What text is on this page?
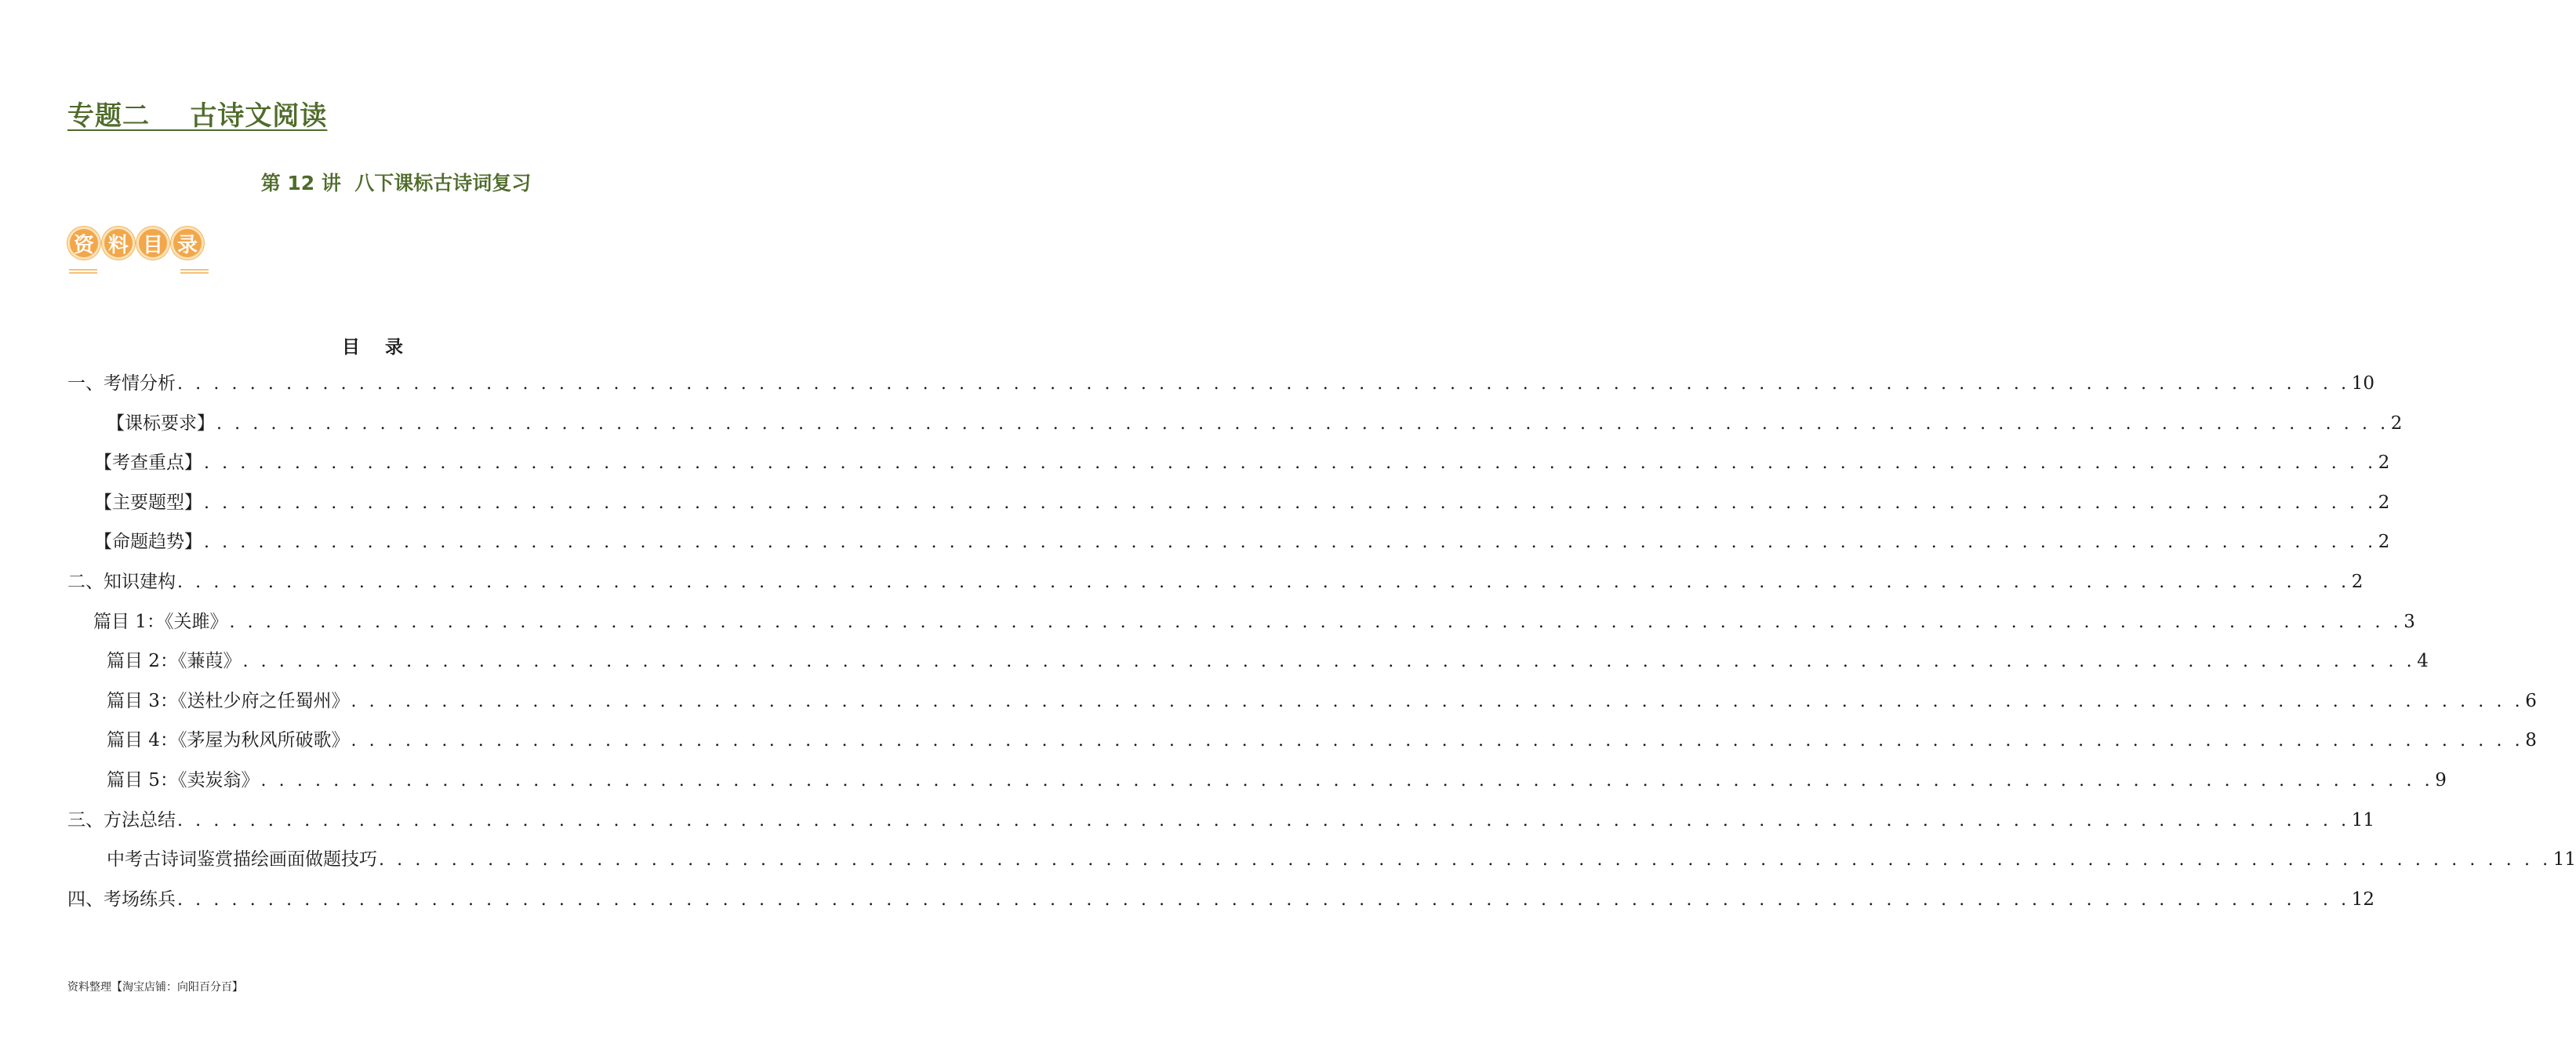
专题二    古诗文阅读
第 12 讲  八下课标古诗词复习
资 料 目 录
目    录
一、考情分析 . . . . . . . . . . . . . . . . . . . . . . . . . . . . . . . . . . . . . . . . . . . . . . . . . . . . . . . . . . . . . . . . . . . . . . . . . . . . . . . . . . . . . . . . . . . . . . . . . . . . . . . . . . . . . . . . . . . . . . . . 10
【课标要求】 . . . . . . . . . . . . . . . . . . . . . . . . . . . . . . . . . . . . . . . . . . . . . . . . . . . . . . . . . . . . . . . . . . . . . . . . . . . . . . . . . . . . . . . . . . . . . . . . . . . . . . . . . . . . . . . . . . . . . . . . 2
【考查重点】 . . . . . . . . . . . . . . . . . . . . . . . . . . . . . . . . . . . . . . . . . . . . . . . . . . . . . . . . . . . . . . . . . . . . . . . . . . . . . . . . . . . . . . . . . . . . . . . . . . . . . . . . . . . . . . . . . . . . . . . . 2
【主要题型】 . . . . . . . . . . . . . . . . . . . . . . . . . . . . . . . . . . . . . . . . . . . . . . . . . . . . . . . . . . . . . . . . . . . . . . . . . . . . . . . . . . . . . . . . . . . . . . . . . . . . . . . . . . . . . . . . . . . . . . . . 2
【命题趋势】 . . . . . . . . . . . . . . . . . . . . . . . . . . . . . . . . . . . . . . . . . . . . . . . . . . . . . . . . . . . . . . . . . . . . . . . . . . . . . . . . . . . . . . . . . . . . . . . . . . . . . . . . . . . . . . . . . . . . . . . . 2
二、知识建构 . . . . . . . . . . . . . . . . . . . . . . . . . . . . . . . . . . . . . . . . . . . . . . . . . . . . . . . . . . . . . . . . . . . . . . . . . . . . . . . . . . . . . . . . . . . . . . . . . . . . . . . . . . . . . . . . . . . . . . . . 2
篇目 1：《关雎》 . . . . . . . . . . . . . . . . . . . . . . . . . . . . . . . . . . . . . . . . . . . . . . . . . . . . . . . . . . . . . . . . . . . . . . . . . . . . . . . . . . . . . . . . . . . . . . . . . . . . . . . . . . . . . . . . . . . . . . . . 3
篇目 2：《蒹葭》 . . . . . . . . . . . . . . . . . . . . . . . . . . . . . . . . . . . . . . . . . . . . . . . . . . . . . . . . . . . . . . . . . . . . . . . . . . . . . . . . . . . . . . . . . . . . . . . . . . . . . . . . . . . . . . . . . . . . . . . . 4
篇目 3：《送杜少府之任蜀州》 . . . . . . . . . . . . . . . . . . . . . . . . . . . . . . . . . . . . . . . . . . . . . . . . . . . . . . . . . . . . . . . . . . . . . . . . . . . . . . . . . . . . . . . . . . . . . . . . . . . . . . . . . . . . . . . . . . . . . . . . 6
篇目 4：《茅屋为秋风所破歌》 . . . . . . . . . . . . . . . . . . . . . . . . . . . . . . . . . . . . . . . . . . . . . . . . . . . . . . . . . . . . . . . . . . . . . . . . . . . . . . . . . . . . . . . . . . . . . . . . . . . . . . . . . . . . . . . . . . . . . . . . 8
篇目 5：《卖炭翁》 . . . . . . . . . . . . . . . . . . . . . . . . . . . . . . . . . . . . . . . . . . . . . . . . . . . . . . . . . . . . . . . . . . . . . . . . . . . . . . . . . . . . . . . . . . . . . . . . . . . . . . . . . . . . . . . . . . . . . . . . 9
三、方法总结 . . . . . . . . . . . . . . . . . . . . . . . . . . . . . . . . . . . . . . . . . . . . . . . . . . . . . . . . . . . . . . . . . . . . . . . . . . . . . . . . . . . . . . . . . . . . . . . . . . . . . . . . . . . . . . . . . . . . . . . . 11
中考古诗词鉴赏描绘画面做题技巧 . . . . . . . . . . . . . . . . . . . . . . . . . . . . . . . . . . . . . . . . . . . . . . . . . . . . . . . . . . . . . . . . . . . . . . . . . . . . . . . . . . . . . . . . . . . . . . . . . . . . . . . . . . . . . . . . . . . . . . . . 11
四、考场练兵 . . . . . . . . . . . . . . . . . . . . . . . . . . . . . . . . . . . . . . . . . . . . . . . . . . . . . . . . . . . . . . . . . . . . . . . . . . . . . . . . . . . . . . . . . . . . . . . . . . . . . . . . . . . . . . . . . . . . . . . . 12
资料整理【淘宝店铺：向阳百分百】
